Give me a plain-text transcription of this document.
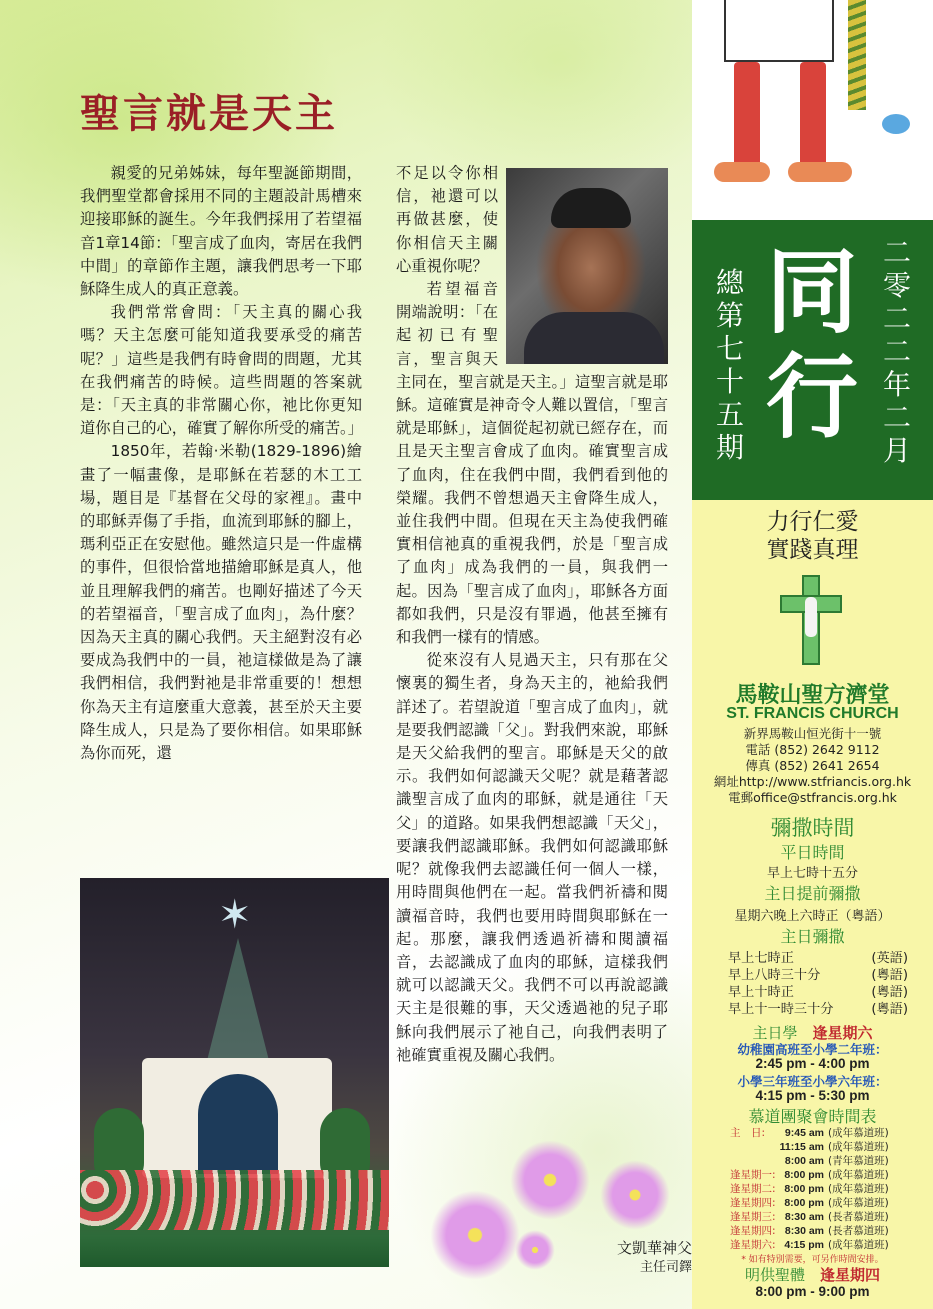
聖言就是天主

親愛的兄弟姊妹，每年聖誕節期間，我們聖堂都會採用不同的主題設計馬槽來迎接耶穌的誕生。今年我們採用了若望福音1章14節：「聖言成了血肉，寄居在我們中間」的章節作主題，讓我們思考一下耶穌降生成人的真正意義。

我們常常會問：「天主真的關心我嗎？天主怎麼可能知道我要承受的痛苦呢？」這些是我們有時會問的問題，尤其在我們痛苦的時候。這些問題的答案就是：「天主真的非常關心你，祂比你更知道你自己的心，確實了解你所受的痛苦。」

1850年，若翰·米勒(1829-1896)繪畫了一幅畫像，是耶穌在若瑟的木工工場，題目是『基督在父母的家裡』。畫中的耶穌弄傷了手指，血流到耶穌的腳上，瑪利亞正在安慰他。雖然這只是一件虛構的事件，但很恰當地描繪耶穌是真人，他並且理解我們的痛苦。也剛好描述了今天的若望福音，「聖言成了血肉」，為什麼？因為天主真的關心我們。天主絕對沒有必要成為我們中的一員，祂這樣做是為了讓我們相信，我們對祂是非常重要的！想想你為天主有這麼重大意義，甚至於天主要降生成人，只是為了要你相信。如果耶穌為你而死，還

不足以令你相信，祂還可以再做甚麼，使你相信天主關心重視你呢？

若望福音開端說明：「在起初已有聖言，聖言與天主同在，聖言就是天主。」這聖言就是耶穌。這確實是神奇令人難以置信，「聖言就是耶穌」，這個從起初就已經存在，而且是天主聖言會成了血肉。確實聖言成了血肉，住在我們中間，我們看到他的榮耀。我們不曾想過天主會降生成人，並住我們中間。但現在天主為使我們確實相信祂真的重視我們，於是「聖言成了血肉」成為我們的一員，與我們一起。因為「聖言成了血肉」，耶穌各方面都如我們，只是沒有罪過，他甚至擁有和我們一樣有的情感。

從來沒有人見過天主，只有那在父懷裏的獨生者，身為天主的，祂給我們詳述了。若望說道「聖言成了血肉」，就是要我們認識「父」。對我們來說，耶穌是天父給我們的聖言。耶穌是天父的啟示。我們如何認識天父呢？就是藉著認識聖言成了血肉的耶穌，就是通往「天父」的道路。如果我們想認識「天父」，要讓我們認識耶穌。我們如何認識耶穌呢？就像我們去認識任何一個人一樣，用時間與他們在一起。當我們祈禱和閱讀福音時，我們也要用時間與耶穌在一起。那麼，讓我們透過祈禱和閱讀福音，去認識成了血肉的耶穌，這樣我們就可以認識天父。我們不可以再說認識天主是很難的事，天父透過祂的兒子耶穌向我們展示了祂自己，向我們表明了祂確實重視及關心我們。

✶
文凱華神父
主任司鐸
總
第
七
十
五
期
同
行
二
零
二
二
年
二
月
力行仁愛
實踐真理
馬鞍山聖方濟堂
ST. FRANCIS CHURCH
新界馬鞍山恒光街十一號
電話 (852) 2642 9112
傳真 (852) 2641 2654
網址http://www.stfriancis.org.hk
電郵office@stfrancis.org.hk
彌撒時間
平日時間
早上七時十五分
主日提前彌撒
星期六晚上六時正（粵語）
主日彌撒
早上七時正	(英語)
早上八時三十分	(粵語)
早上十時正	(粵語)
早上十一時三十分	(粵語)
主日學　 逢星期六
幼稚園高班至小學二年班：
2:45 pm - 4:00 pm
小學三年班至小學六年班：
4:15 pm - 5:30 pm
慕道團聚會時間表
主　日:	9:45 am (成年慕道班)
11:15 am (成年慕道班)
8:00 am (青年慕道班)
逢星期一: 8:00 pm (成年慕道班)
逢星期二: 8:00 pm (成年慕道班)
逢星期四: 8:00 pm (成年慕道班)
逢星期三: 8:30 am (長者慕道班)
逢星期四: 8:30 am (長者慕道班)
逢星期六: 4:15 pm (成年慕道班)
* 如有特別需要，可另作時間安排。
明供聖體　 逢星期四
8:00 pm - 9:00 pm
